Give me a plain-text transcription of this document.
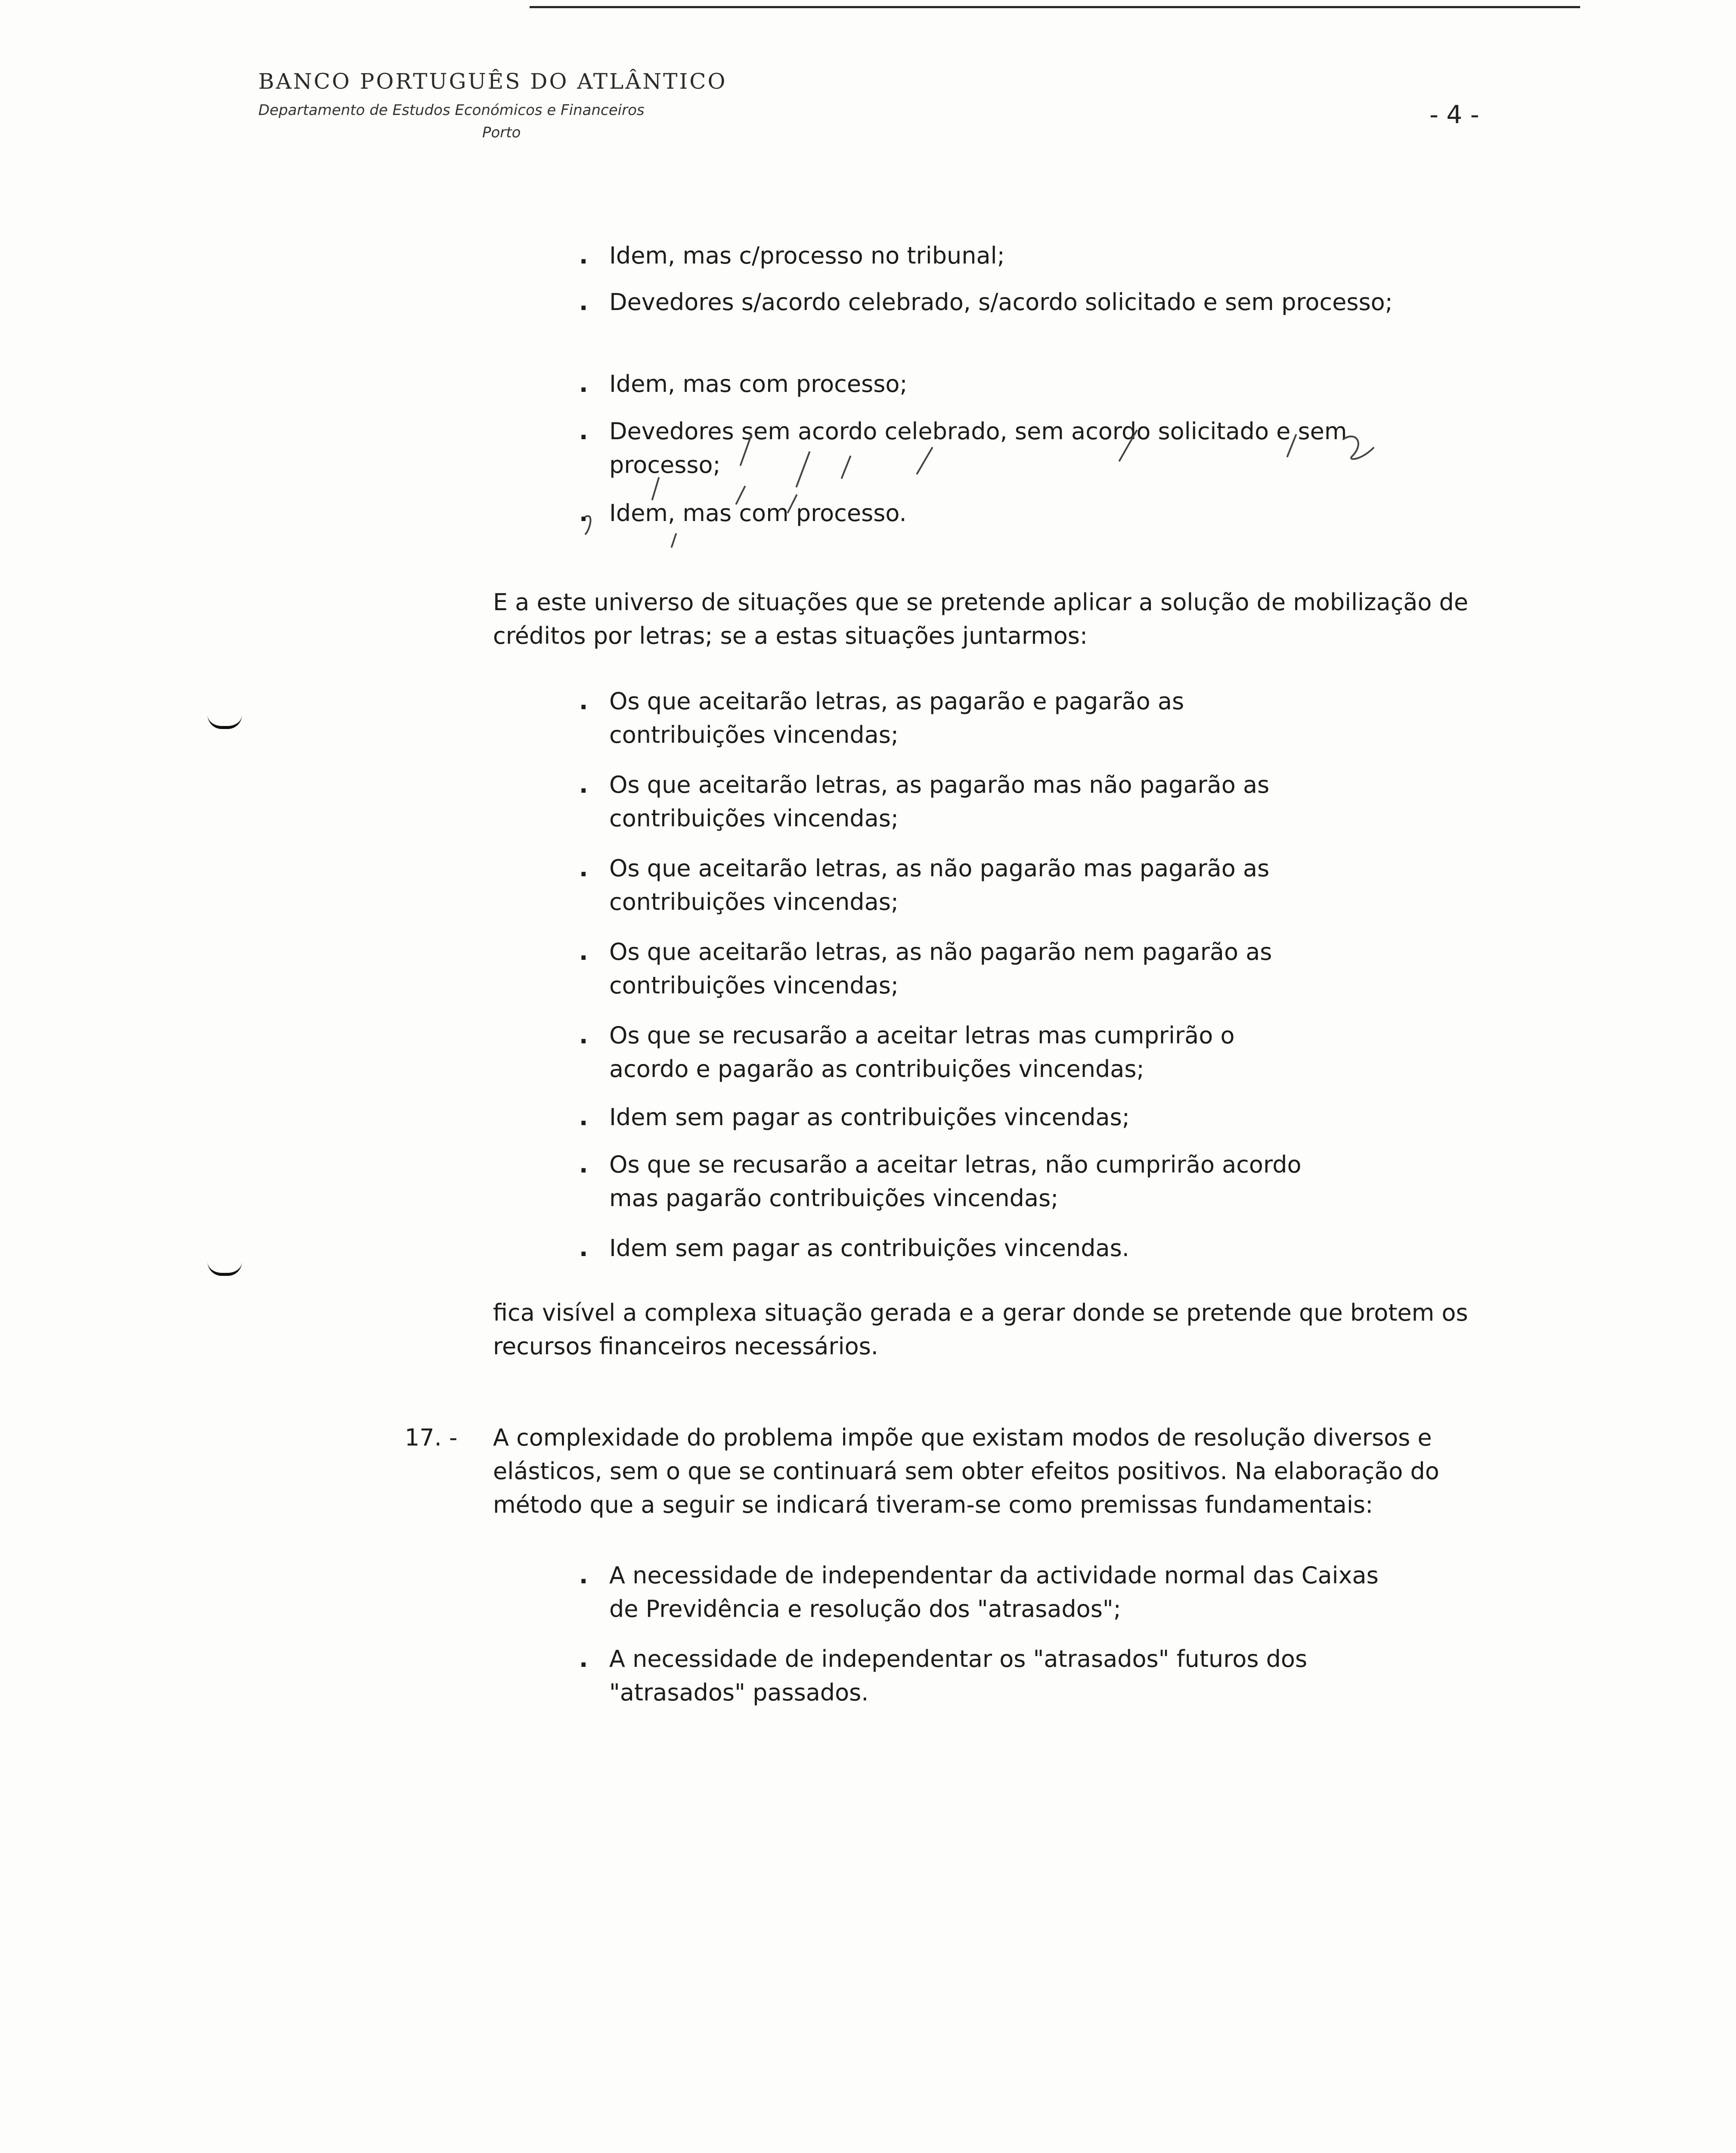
BANCO PORTUGUÊS DO ATLÂNTICO
Departamento de Estudos Económicos e Financeiros
Porto
- 4 -
. Idem, mas c/processo no tribunal;
. Devedores s/acordo celebrado, s/acordo solicitado e sem processo;
. Idem, mas com processo;
. Devedores sem acordo celebrado, sem acordo solicitado e sem processo;
. Idem, mas com processo.
E a este universo de situações que se pretende aplicar a solução de mobilização de créditos por letras; se a estas situações juntarmos:
. Os que aceitarão letras, as pagarão e pagarão as contribuições vincendas;
. Os que aceitarão letras, as pagarão mas não pagarão as contribuições vincendas;
. Os que aceitarão letras, as não pagarão mas pagarão as contribuições vincendas;
. Os que aceitarão letras, as não pagarão nem pagarão as contribuições vincendas;
. Os que se recusarão a aceitar letras mas cumprirão o acordo e pagarão as contribuições vincendas;
. Idem sem pagar as contribuições vincendas;
. Os que se recusarão a aceitar letras, não cumprirão acordo mas pagarão contribuições vincendas;
. Idem sem pagar as contribuições vincendas.
fica visível a complexa situação gerada e a gerar donde se pretende que brotem os recursos financeiros necessários.
17. - A complexidade do problema impõe que existam modos de resolução diversos e elásticos, sem o que se continuará sem obter efeitos positivos. Na elaboração do método que a seguir se indicará tiveram-se como premissas fundamentais:
. A necessidade de independentar da actividade normal das Caixas de Previdência e resolução dos "atrasados";
. A necessidade de independentar os "atrasados" futuros dos "atrasados" passados.
